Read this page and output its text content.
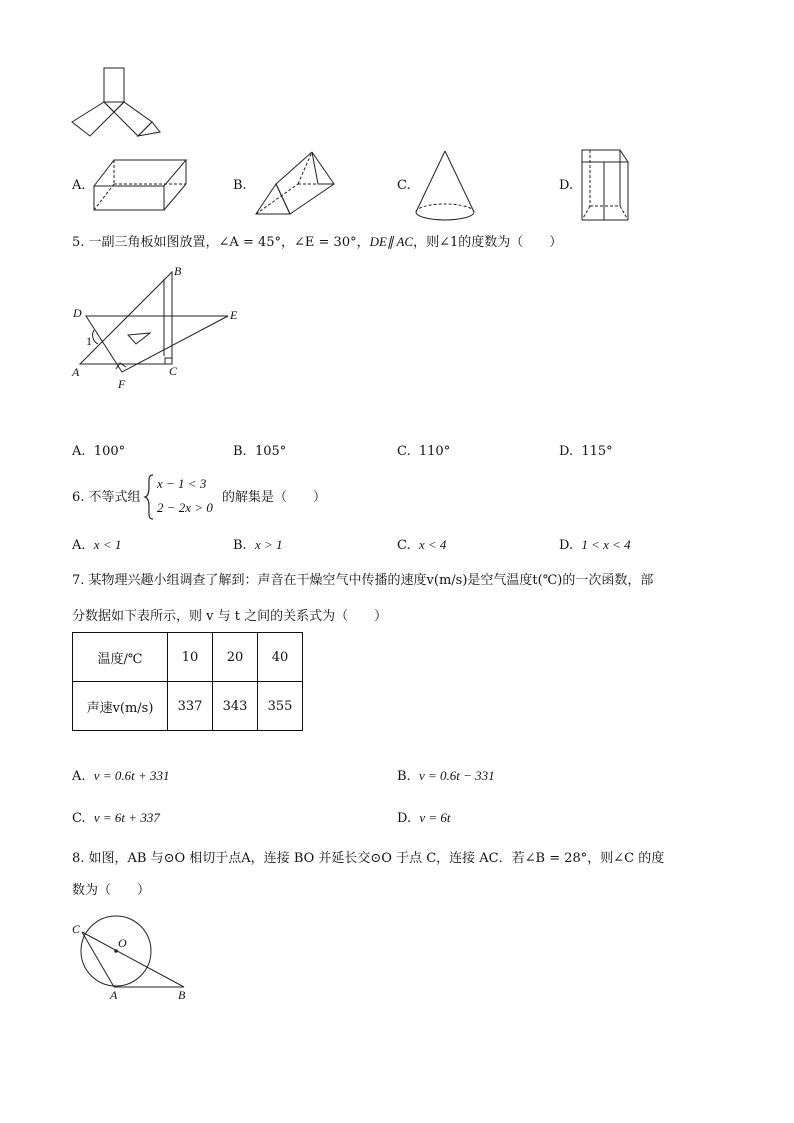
A.	B.	C.	D.
5. 一副三角板如图放置，∠A = 45°，∠E = 30°，DE∥ AC，则∠1的度数为（　　）
B
D	E
1
A
F
C
A. 100°	B. 105°	C. 110°	D. 115°
6. 不等式组
x − 1 < 3
2 − 2x > 0
的解集是（　　）
A. x < 1	B. x > 1	C. x < 4	D. 1 < x < 4
7. 某物理兴趣小组调查了解到：声音在干燥空气中传播的速度v(m/s)是空气温度t(℃)的一次函数，部
分数据如下表所示，则 v 与 t 之间的关系式为（　　）
温度/℃	10	20	40
声速v(m/s)	337	343	355
A. v = 0.6t + 331	B. v = 0.6t − 331
C. v = 6t + 337	D. v = 6t
8. 如图，AB 与⊙O 相切于点A，连接 BO 并延长交⊙O 于点 C，连接 AC．若∠B = 28°，则∠C 的度
数为（　　）
C
O
A	B
